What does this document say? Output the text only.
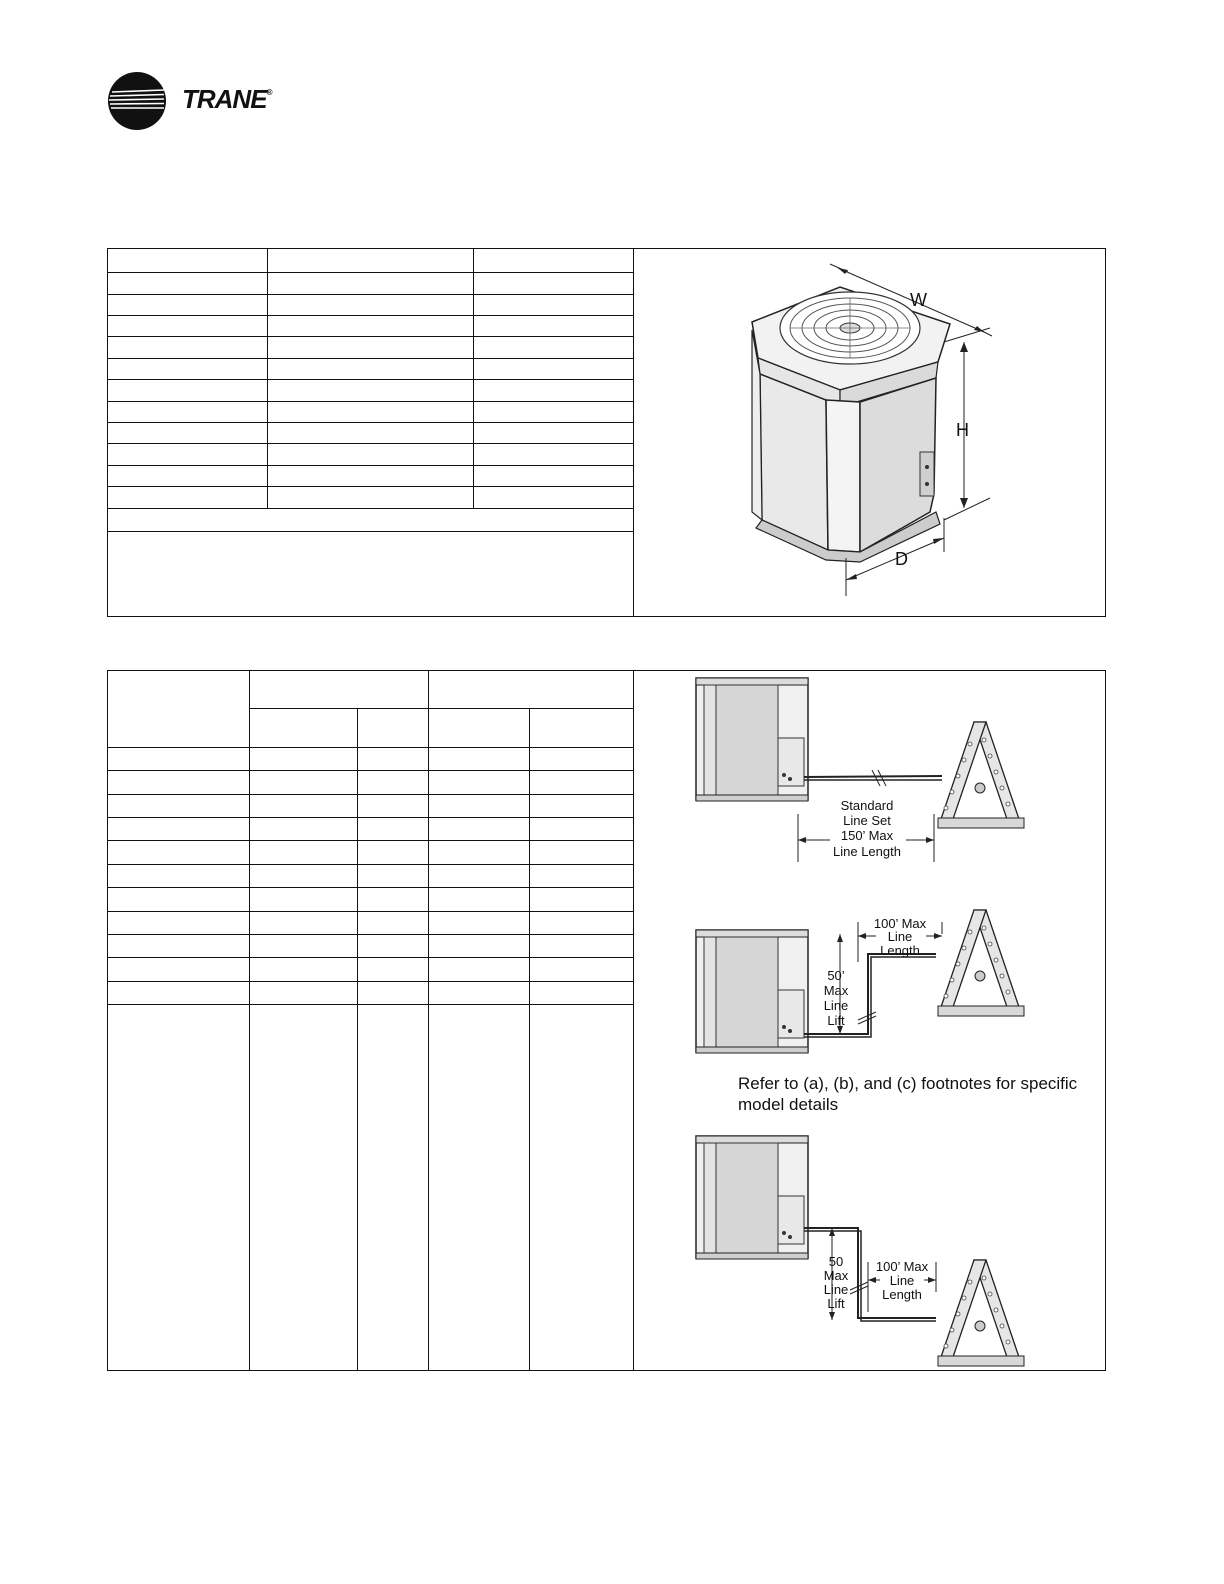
TRANE®
W
H
D
Standard
Line Set
150’ Max
Line Length
50’
Max
Line
Lift
100’ Max
Line
Length
50
Max
Line
Lift
100’ Max
Line
Length
Refer to (a), (b), and (c) footnotes for specific model details
